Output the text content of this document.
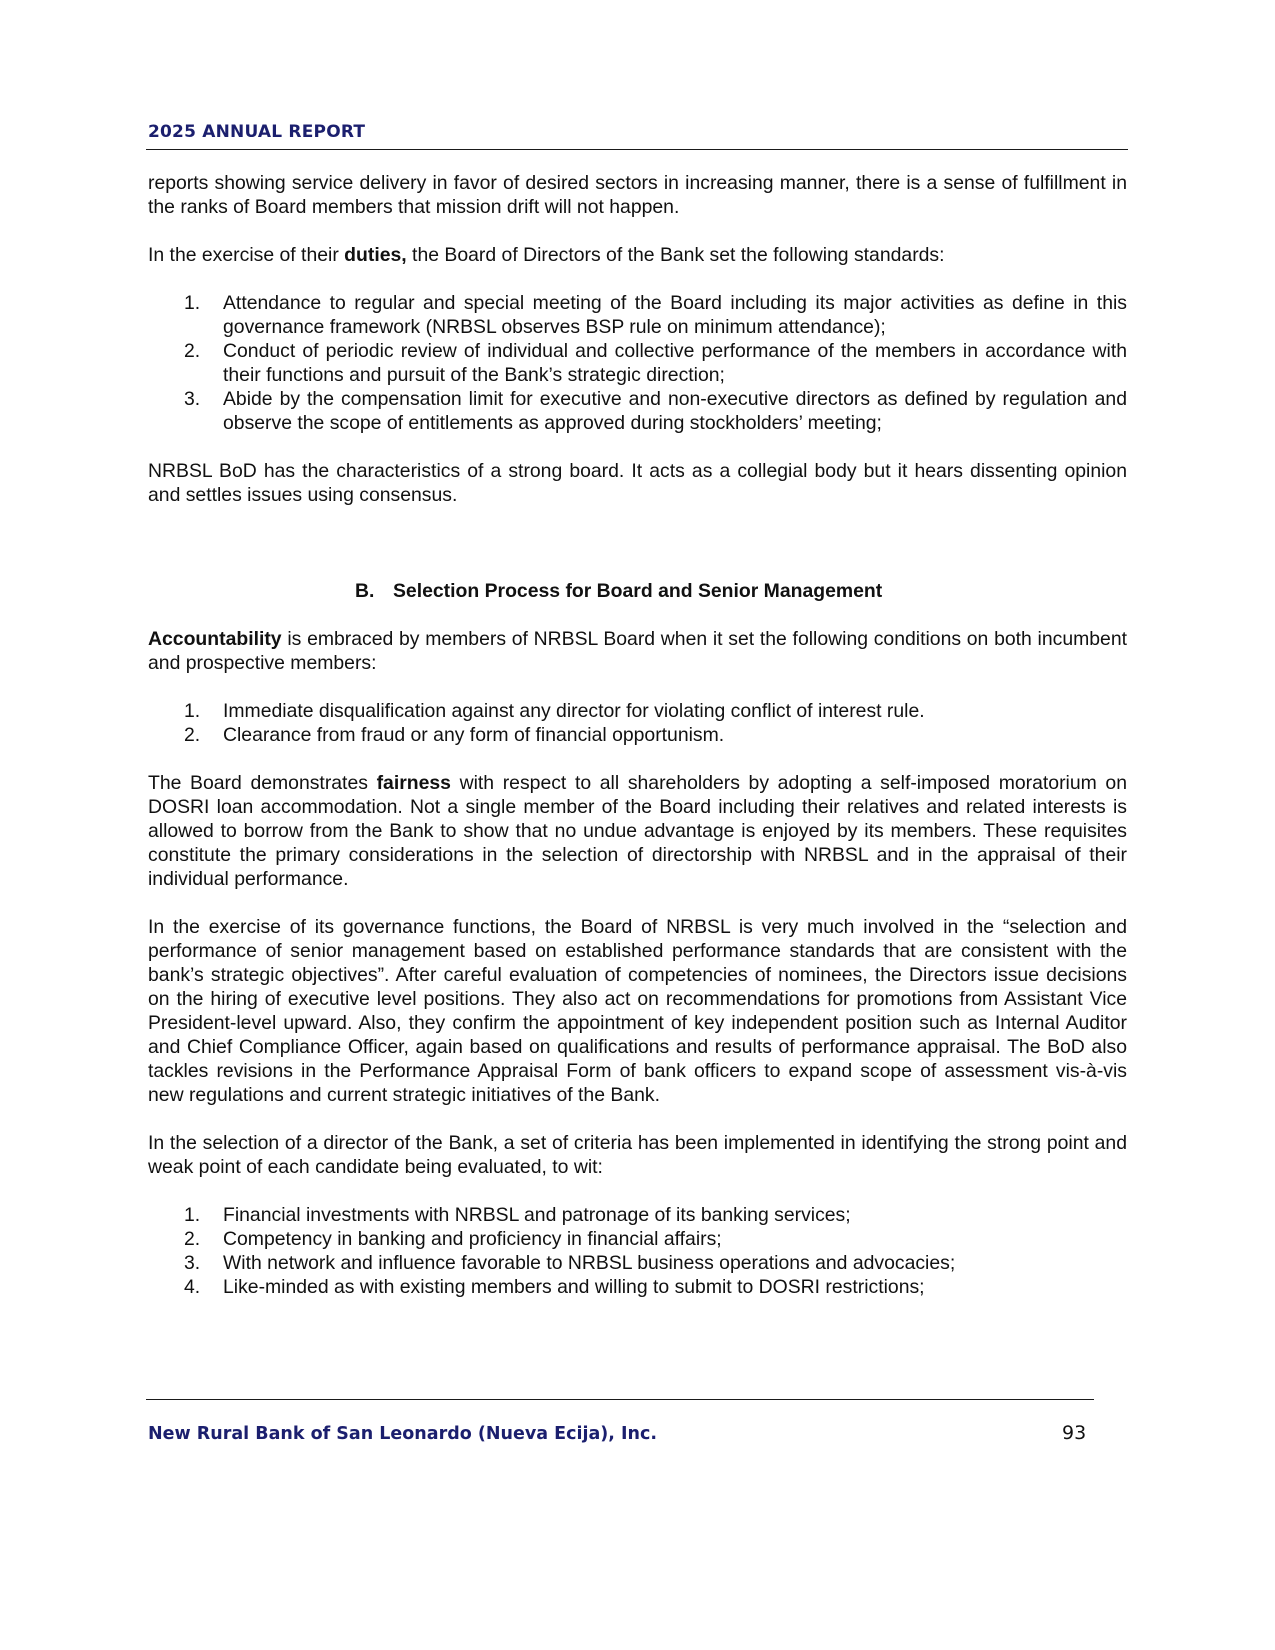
2025 ANNUAL REPORT

reports showing service delivery in favor of desired sectors in increasing manner, there is a sense of fulfillment in the ranks of Board members that mission drift will not happen.

In the exercise of their duties, the Board of Directors of the Bank set the following standards:

1. Attendance to regular and special meeting of the Board including its major activities as define in this governance framework (NRBSL observes BSP rule on minimum attendance);
2. Conduct of periodic review of individual and collective performance of the members in accordance with their functions and pursuit of the Bank’s strategic direction;
3. Abide by the compensation limit for executive and non-executive directors as defined by regulation and observe the scope of entitlements as approved during stockholders’ meeting;

NRBSL BoD has the characteristics of a strong board. It acts as a collegial body but it hears dissenting opinion and settles issues using consensus.

B. Selection Process for Board and Senior Management

Accountability is embraced by members of NRBSL Board when it set the following conditions on both incumbent and prospective members:

1. Immediate disqualification against any director for violating conflict of interest rule.
2. Clearance from fraud or any form of financial opportunism.

The Board demonstrates fairness with respect to all shareholders by adopting a self-imposed moratorium on DOSRI loan accommodation. Not a single member of the Board including their relatives and related interests is allowed to borrow from the Bank to show that no undue advantage is enjoyed by its members. These requisites constitute the primary considerations in the selection of directorship with NRBSL and in the appraisal of their individual performance.

In the exercise of its governance functions, the Board of NRBSL is very much involved in the “selection and performance of senior management based on established performance standards that are consistent with the bank’s strategic objectives”. After careful evaluation of competencies of nominees, the Directors issue decisions on the hiring of executive level positions. They also act on recommendations for promotions from Assistant Vice President-level upward. Also, they confirm the appointment of key independent position such as Internal Auditor and Chief Compliance Officer, again based on qualifications and results of performance appraisal. The BoD also tackles revisions in the Performance Appraisal Form of bank officers to expand scope of assessment vis-à-vis new regulations and current strategic initiatives of the Bank.

In the selection of a director of the Bank, a set of criteria has been implemented in identifying the strong point and weak point of each candidate being evaluated, to wit:

1. Financial investments with NRBSL and patronage of its banking services;
2. Competency in banking and proficiency in financial affairs;
3. With network and influence favorable to NRBSL business operations and advocacies;
4. Like-minded as with existing members and willing to submit to DOSRI restrictions;
New Rural Bank of San Leonardo (Nueva Ecija), Inc.	93
